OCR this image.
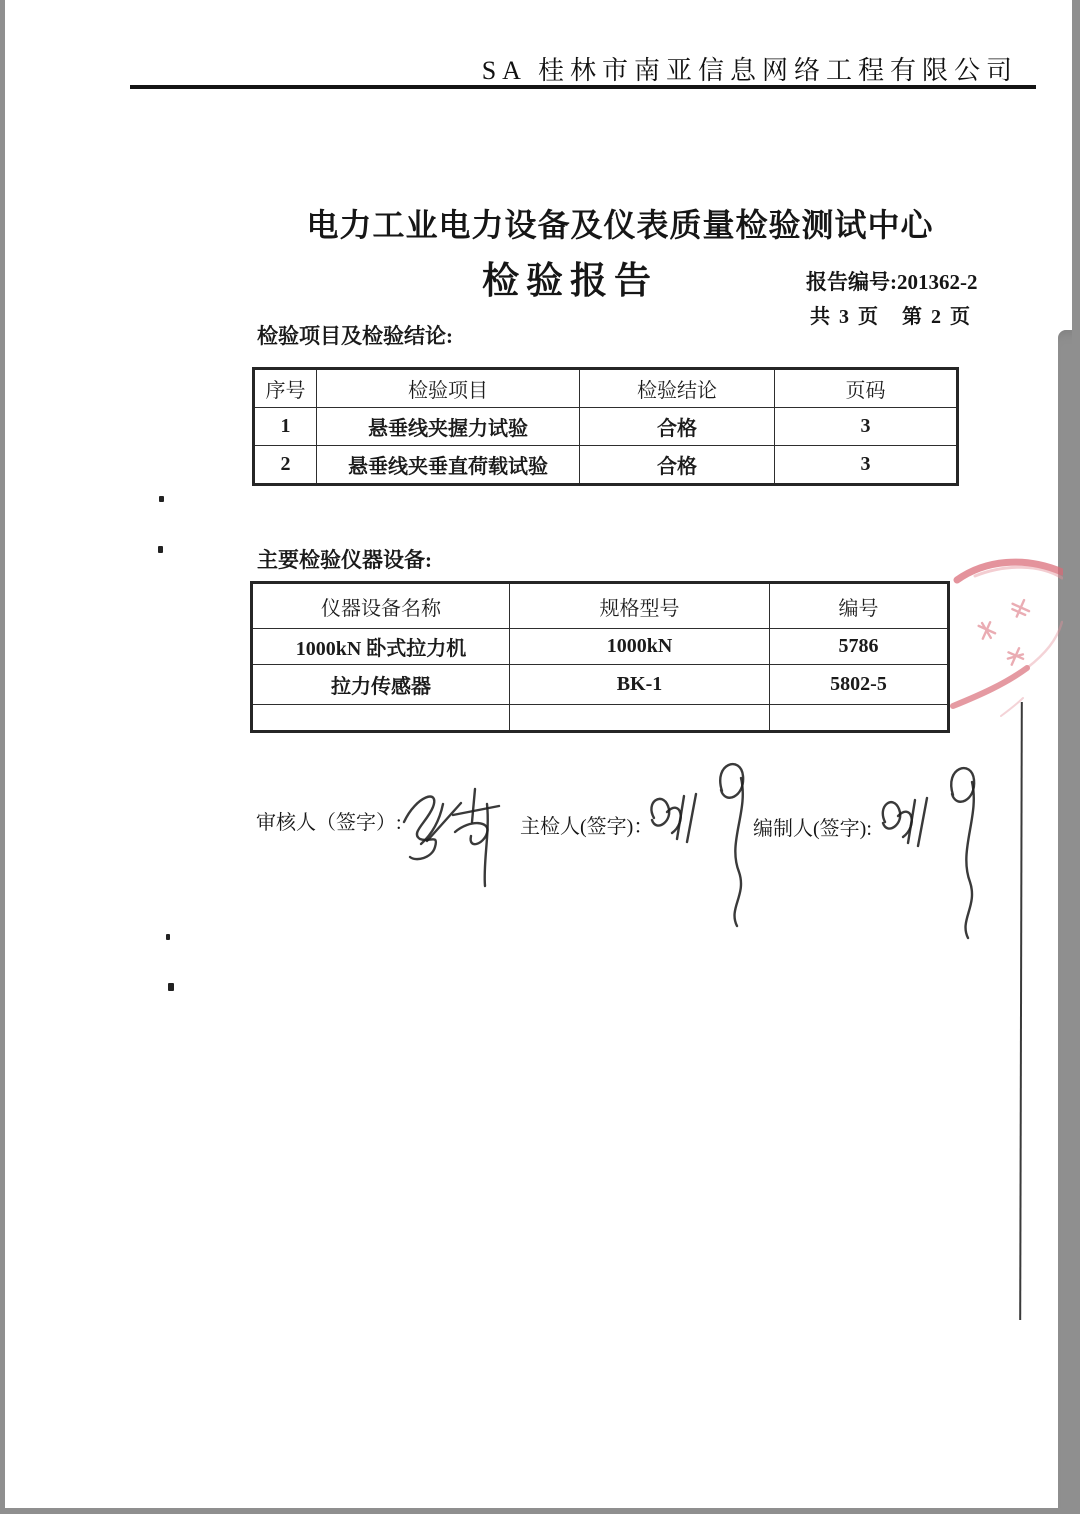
SA 桂林市南亚信息网络工程有限公司
电力工业电力设备及仪表质量检验测试中心
检验报告	报告编号:201362-2
共 3 页　第 2 页
检验项目及检验结论:
序号	检验项目	检验结论	页码
1	悬垂线夹握力试验	合格	3
2	悬垂线夹垂直荷载试验	合格	3
主要检验仪器设备:
仪器设备名称	规格型号	编号
1000kN 卧式拉力机	1000kN	5786
拉力传感器	BK-1	5802-5

审核人（签字）:	主检人(签字)：	编制人(签字):
